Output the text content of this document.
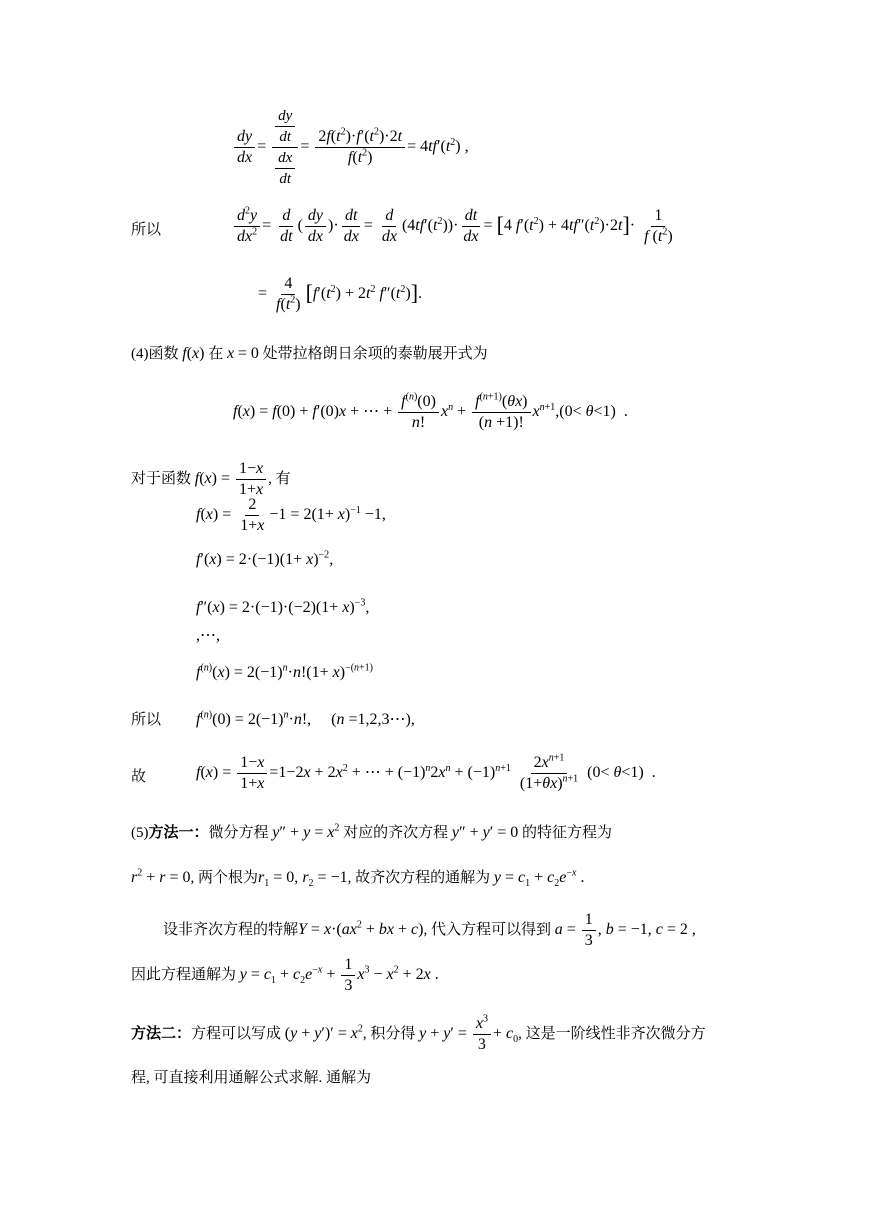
$\frac{dy}{dx} = \frac{\frac{dy}{dt}}{\frac{dx}{dt}} = \frac{2f(t^2)\cdot f'(t^2)\cdot 2t}{f(t^2)} = 4tf'(t^2)$ ,
所以	$\frac{d^2y}{dx^2} = \frac{d}{dt}$ ( $\frac{dy}{dx}$ )· $\frac{dt}{dx} = \frac{d}{dx} (4tf'(t^2))\cdot \frac{dt}{dx} = [4$ $f'(t^2) + 4tf''(t^2)\cdot 2t]\cdot \frac{1}{f (t^2)}$
= $\frac{4}{f(t^2)} [f'(t^2) + 2t^2$ $f''(t^2)$].
(4)函数 f(x) 在 x = 0 处带拉格朗日余项的泰勒展开式为
f(x) = f(0) + f′(0)x + ⋯ + $\frac{f^{(n)}(0)}{n!} x^n + \frac{f^{(n+1)}(\theta x)}{(n +1)!} x^{n+1},(0< \theta<1)$  .
对于函数 $f(x) = \frac{1-x}{1+x}$ , 有
$f(x) = \frac{2}{1+x} -1 = 2(1+ x)^{-1} -1$,
$f'(x) = 2\cdot(-1)(1+ x)^{-2}$,
$f''(x) = 2\cdot(-1)\cdot(-2)(1+ x)^{-3}$,
,⋯,
$f^{(n)}(x) = 2(-1)^n\cdot n!(1+ x)^{-(n+1)}$
所以 $f^{(n)}(0) = 2(-1)^n\cdot n$!,     (n =1,2,3⋯),
故	$f(x) = \frac{1-x}{1+x} =1-2x + 2x^2$ + ⋯ + $(-1)^n2x^n + (-1)^{n+1} \frac{2x^{n+1}}{(1+\theta x)^{n+1}} (0< \theta<1)$  .
(5)方法一：微分方程 $y'' + y = x^2$ 对应的齐次方程 y″ + y′ = 0 的特征方程为
$r^2 + r = 0$, 两个根为$r_1 = 0$, $r_2 = -1$, 故齐次方程的通解为 $y = c_1 + c_2e^{-x}$ .
设非齐次方程的特解$Y = x\cdot(ax^2$ + bx + c), 代入方程可以得到 $a = \frac{1}{3}$ , b = −1, c = 2 ,
因此方程通解为 $y = c_1 + c_2e^{-x} + \frac{1}{3} x^3 - x^2 + 2x$ .
方法二：方程可以写成 $(y + y')' = x^2$, 积分得 $y + y' = \frac{x^3}{3} + c_0$, 这是一阶线性非齐次微分方
程, 可直接利用通解公式求解. 通解为
